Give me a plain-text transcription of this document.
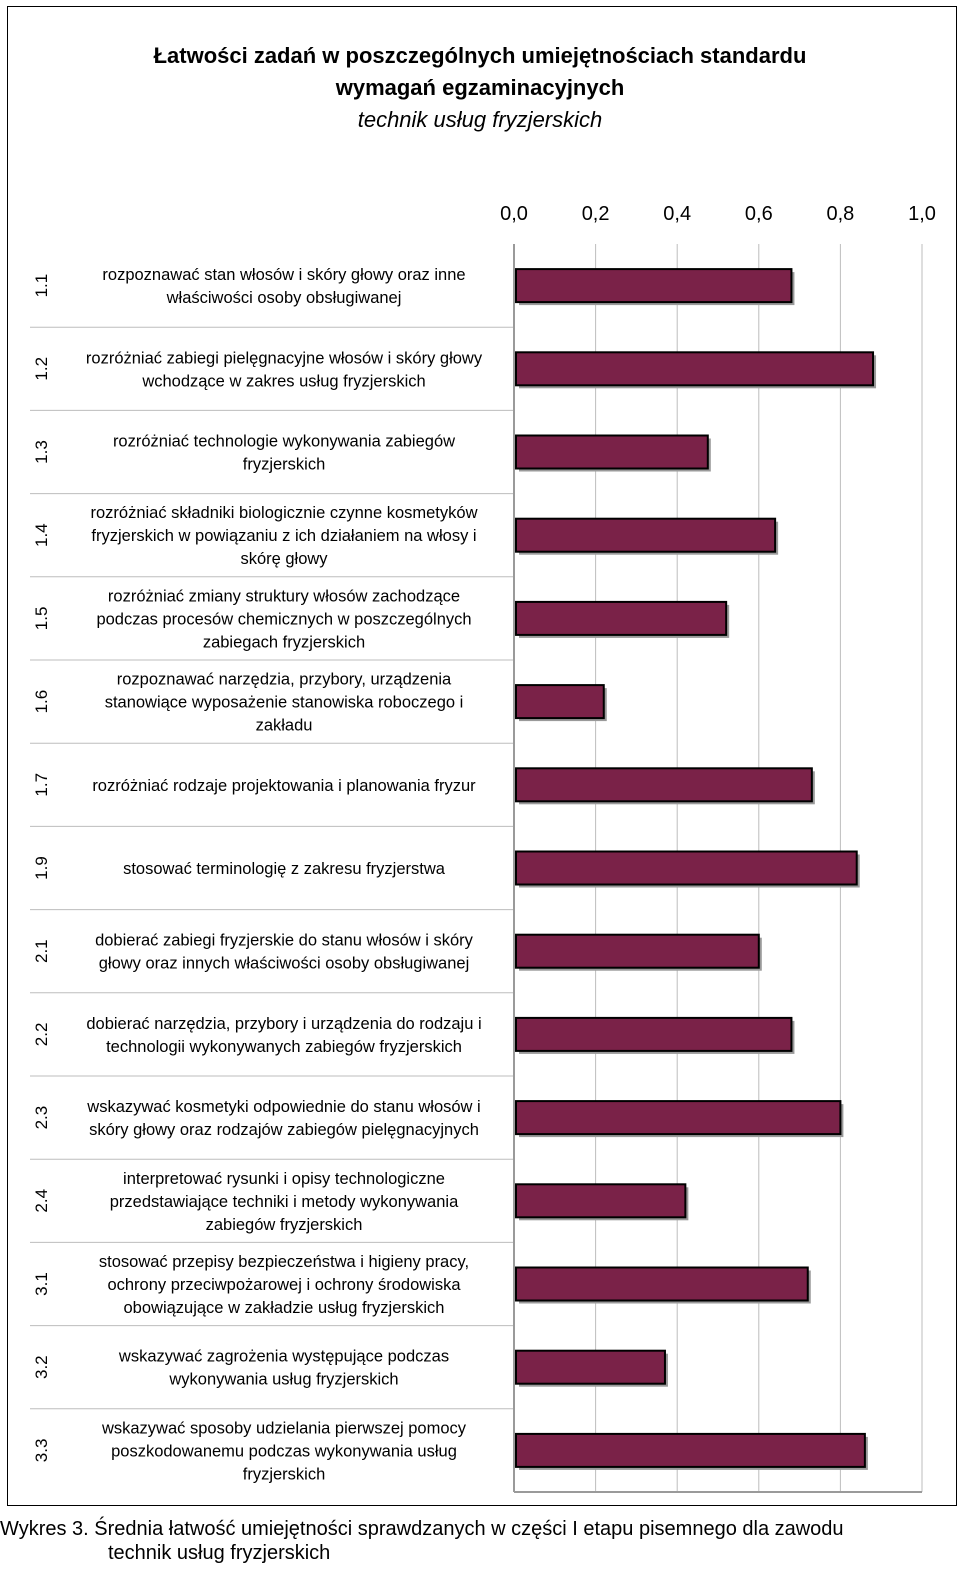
Łatwości zadań w poszczególnych umiejętnościach standardu
wymagań egzaminacyjnych
technik usług fryzjerskich
0,0	0,2	0,4	0,6	0,8	1,0
1.1	rozpoznawać stan włosów i skóry głowy oraz inne
właściwości osoby obsługiwanej
1.2 rozróżniać zabiegi pielęgnacyjne włosów i skóry głowy
wchodzące w zakres usług fryzjerskich
1.3	rozróżniać technologie wykonywania zabiegów
fryzjerskich
1.4
rozróżniać składniki biologicznie czynne kosmetyków
fryzjerskich w powiązaniu z ich działaniem na włosy i
skórę głowy
1.5
rozróżniać zmiany struktury włosów zachodzące
podczas procesów chemicznych w poszczególnych
zabiegach fryzjerskich
1.6
rozpoznawać narzędzia, przybory, urządzenia
stanowiące wyposażenie stanowiska roboczego i
zakładu
1.7	rozróżniać rodzaje projektowania i planowania fryzur
1.9	stosować terminologię z zakresu fryzjerstwa
2.1	dobierać zabiegi fryzjerskie do stanu włosów i skóry
głowy oraz innych właściwości osoby obsługiwanej
2.2 dobierać narzędzia, przybory i urządzenia do rodzaju i
technologii wykonywanych zabiegów fryzjerskich
2.3 wskazywać kosmetyki odpowiednie do stanu włosów i
skóry głowy oraz rodzajów zabiegów pielęgnacyjnych
2.4
interpretować rysunki i opisy technologiczne
przedstawiające techniki i metody wykonywania
zabiegów fryzjerskich
3.1
stosować przepisy bezpieczeństwa i higieny pracy,
ochrony przeciwpożarowej i ochrony środowiska
obowiązujące w zakładzie usług fryzjerskich
3.2	wskazywać zagrożenia występujące podczas
wykonywania usług fryzjerskich
3.3
wskazywać sposoby udzielania pierwszej pomocy
poszkodowanemu podczas wykonywania usług
fryzjerskich
Wykres 3. Średnia łatwość umiejętności sprawdzanych w części I etapu pisemnego dla zawodu
technik usług fryzjerskich
